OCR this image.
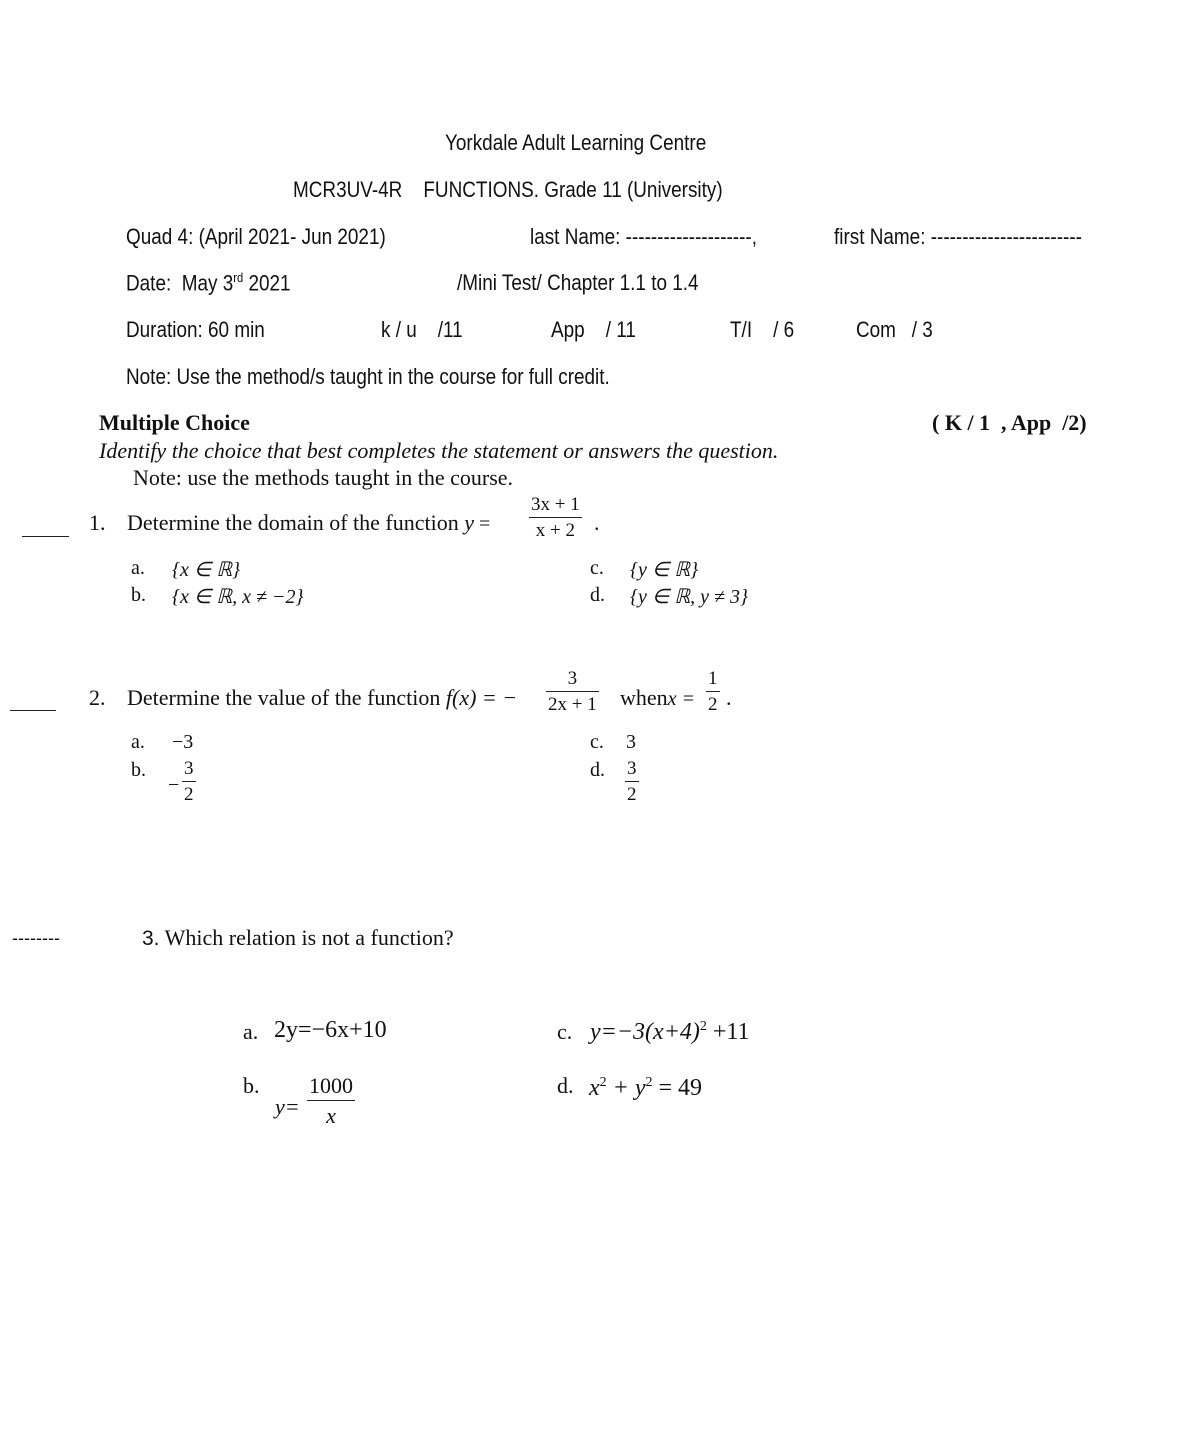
Yorkdale Adult Learning Centre
MCR3UV-4R    FUNCTIONS. Grade 11 (University)
Quad 4: (April 2021- Jun 2021)	last Name: --------------------,	first Name: ------------------------
Date:  May 3rd 2021	/Mini Test/ Chapter 1.1 to 1.4
Duration: 60 min	k / u    /11	App    / 11	T/I    / 6	Com   / 3
Note: Use the method/s taught in the course for full credit.
Multiple Choice	( K / 1  , App  /2)
Identify the choice that best completes the statement or answers the question.
Note: use the methods taught in the course.
1. Determine the domain of the function $y = \frac{3x + 1}{x + 2}$ .
a. {x ∈ ℝ}
b. {x ∈ ℝ, x ≠ −2}
c. {y ∈ ℝ}
d. {y ∈ ℝ, y ≠ 3}
2. Determine the value of the function f(x) = − $\frac{3}{2x + 1}$ whenx = $\frac{1}{2}$ .
a. −3
b.
− $\frac{3}{2}$
c. 3
d. $\frac{3}{2}$
--------	3. Which relation is not a function?
a. 2y=−6x+10
b.
$y= \frac{1000}{x}$
c. $y=-3(x+4)^2 +11$
d. $x^2 + y^2 = 49$
